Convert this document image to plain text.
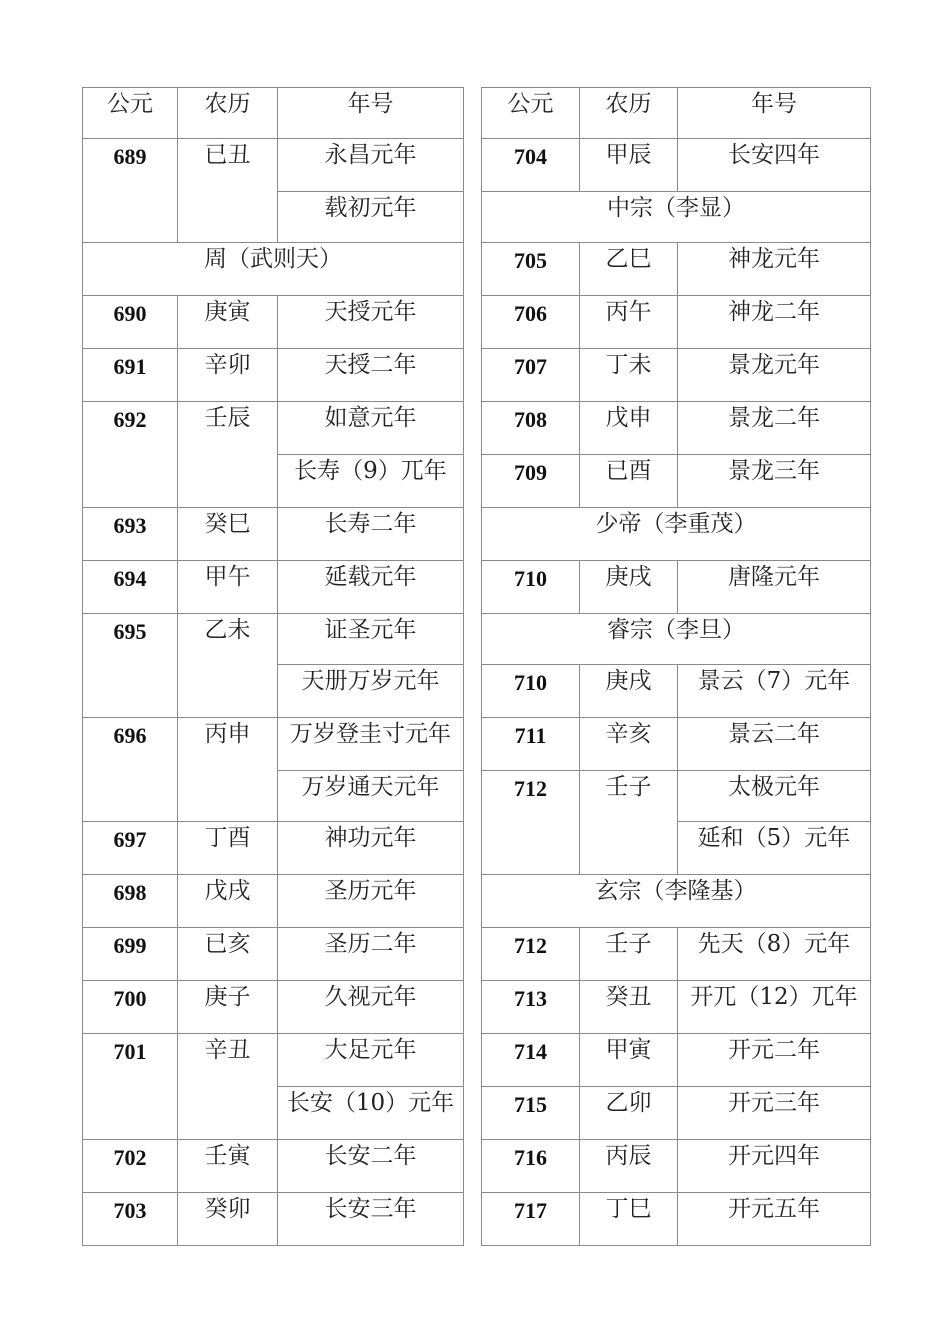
公元	农历	年号		公元	农历	年号
689	已丑	永昌元年		704	甲辰	长安四年
		载初元年		中宗（李显）		
周（武则天）				705	乙巳	神龙元年
690	庚寅	天授元年		706	丙午	神龙二年
691	辛卯	天授二年		707	丁未	景龙元年
692	壬辰	如意元年		708	戊申	景龙二年
		长寿（9）兀年		709	已酉	景龙三年
693	癸巳	长寿二年		少帝（李重茂）		
694	甲午	延载元年		710	庚戌	唐隆元年
695	乙未	证圣元年		睿宗（李旦）		
		天册万岁元年		710	庚戌	景云（7）元年
696	丙申	万岁登圭寸元年		711	辛亥	景云二年
		万岁通天元年		712	壬子	太极元年
697	丁酉	神功元年				延和（5）元年
698	戊戌	圣历元年		玄宗（李隆基）		
699	已亥	圣历二年		712	壬子	先天（8）元年
700	庚子	久视元年		713	癸丑	开兀（12）兀年
701	辛丑	大足元年		714	甲寅	开元二年
		长安（10）元年		715	乙卯	开元三年
702	壬寅	长安二年		716	丙辰	开元四年
703	癸卯	长安三年		717	丁巳	开元五年
